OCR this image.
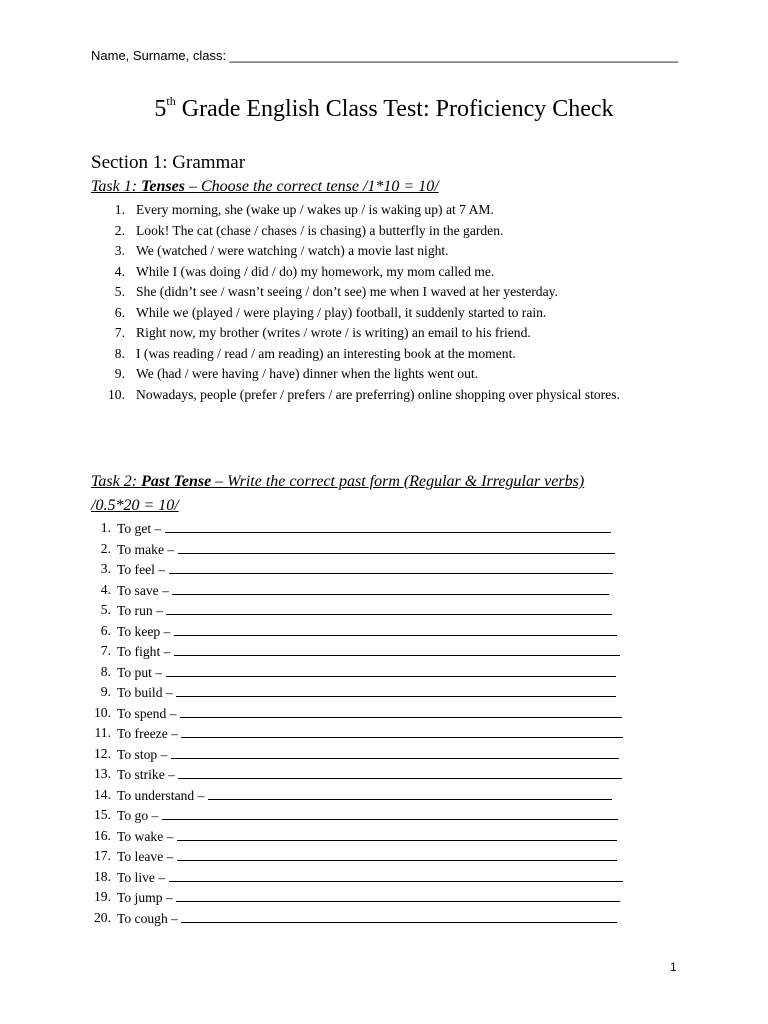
Name, Surname, class: ______________________________________________________________
5th Grade English Class Test: Proficiency Check
Section 1: Grammar
Task 1: Tenses – Choose the correct tense /1*10 = 10/
1. Every morning, she (wake up / wakes up / is waking up) at 7 AM.
2. Look! The cat (chase / chases / is chasing) a butterfly in the garden.
3. We (watched / were watching / watch) a movie last night.
4. While I (was doing / did / do) my homework, my mom called me.
5. She (didn’t see / wasn’t seeing / don’t see) me when I waved at her yesterday.
6. While we (played / were playing / play) football, it suddenly started to rain.
7. Right now, my brother (writes / wrote / is writing) an email to his friend.
8. I (was reading / read / am reading) an interesting book at the moment.
9. We (had / were having / have) dinner when the lights went out.
10. Nowadays, people (prefer / prefers / are preferring) online shopping over physical stores.
Task 2: Past Tense – Write the correct past form (Regular & Irregular verbs)
/0.5*20 = 10/
1. To get –
2. To make –
3. To feel –
4. To save –
5. To run –
6. To keep –
7. To fight –
8. To put –
9. To build –
10. To spend –
11. To freeze –
12. To stop –
13. To strike –
14. To understand –
15. To go –
16. To wake –
17. To leave –
18. To live –
19. To jump –
20. To cough –
1
